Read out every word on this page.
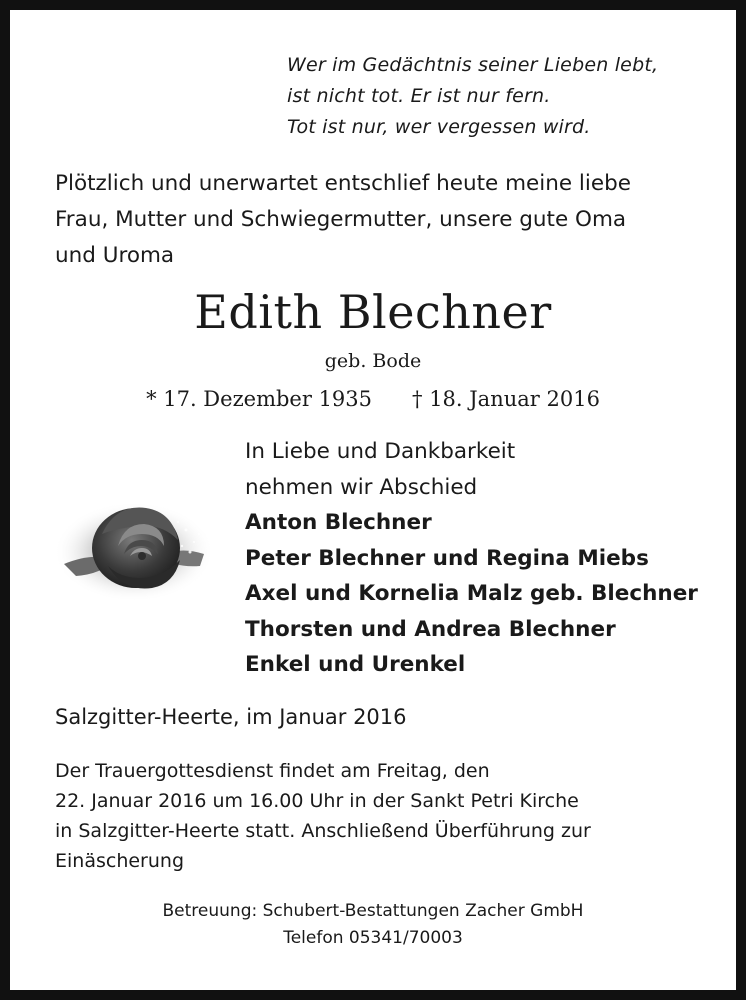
Wer im Gedächtnis seiner Lieben lebt,
ist nicht tot. Er ist nur fern.
Tot ist nur, wer vergessen wird.
Plötzlich und unerwartet entschlief heute meine liebe
Frau, Mutter und Schwiegermutter, unsere gute Oma
und Uroma
Edith Blechner
geb. Bode
* 17. Dezember 1935 † 18. Januar 2016
In Liebe und Dankbarkeit
nehmen wir Abschied
Anton Blechner
Peter Blechner und Regina Miebs
Axel und Kornelia Malz geb. Blechner
Thorsten und Andrea Blechner
Enkel und Urenkel
Salzgitter-Heerte, im Januar 2016
Der Trauergottesdienst findet am Freitag, den
22. Januar 2016 um 16.00 Uhr in der Sankt Petri Kirche
in Salzgitter-Heerte statt. Anschließend Überführung zur
Einäscherung
Betreuung: Schubert-Bestattungen Zacher GmbH
Telefon 05341/70003
